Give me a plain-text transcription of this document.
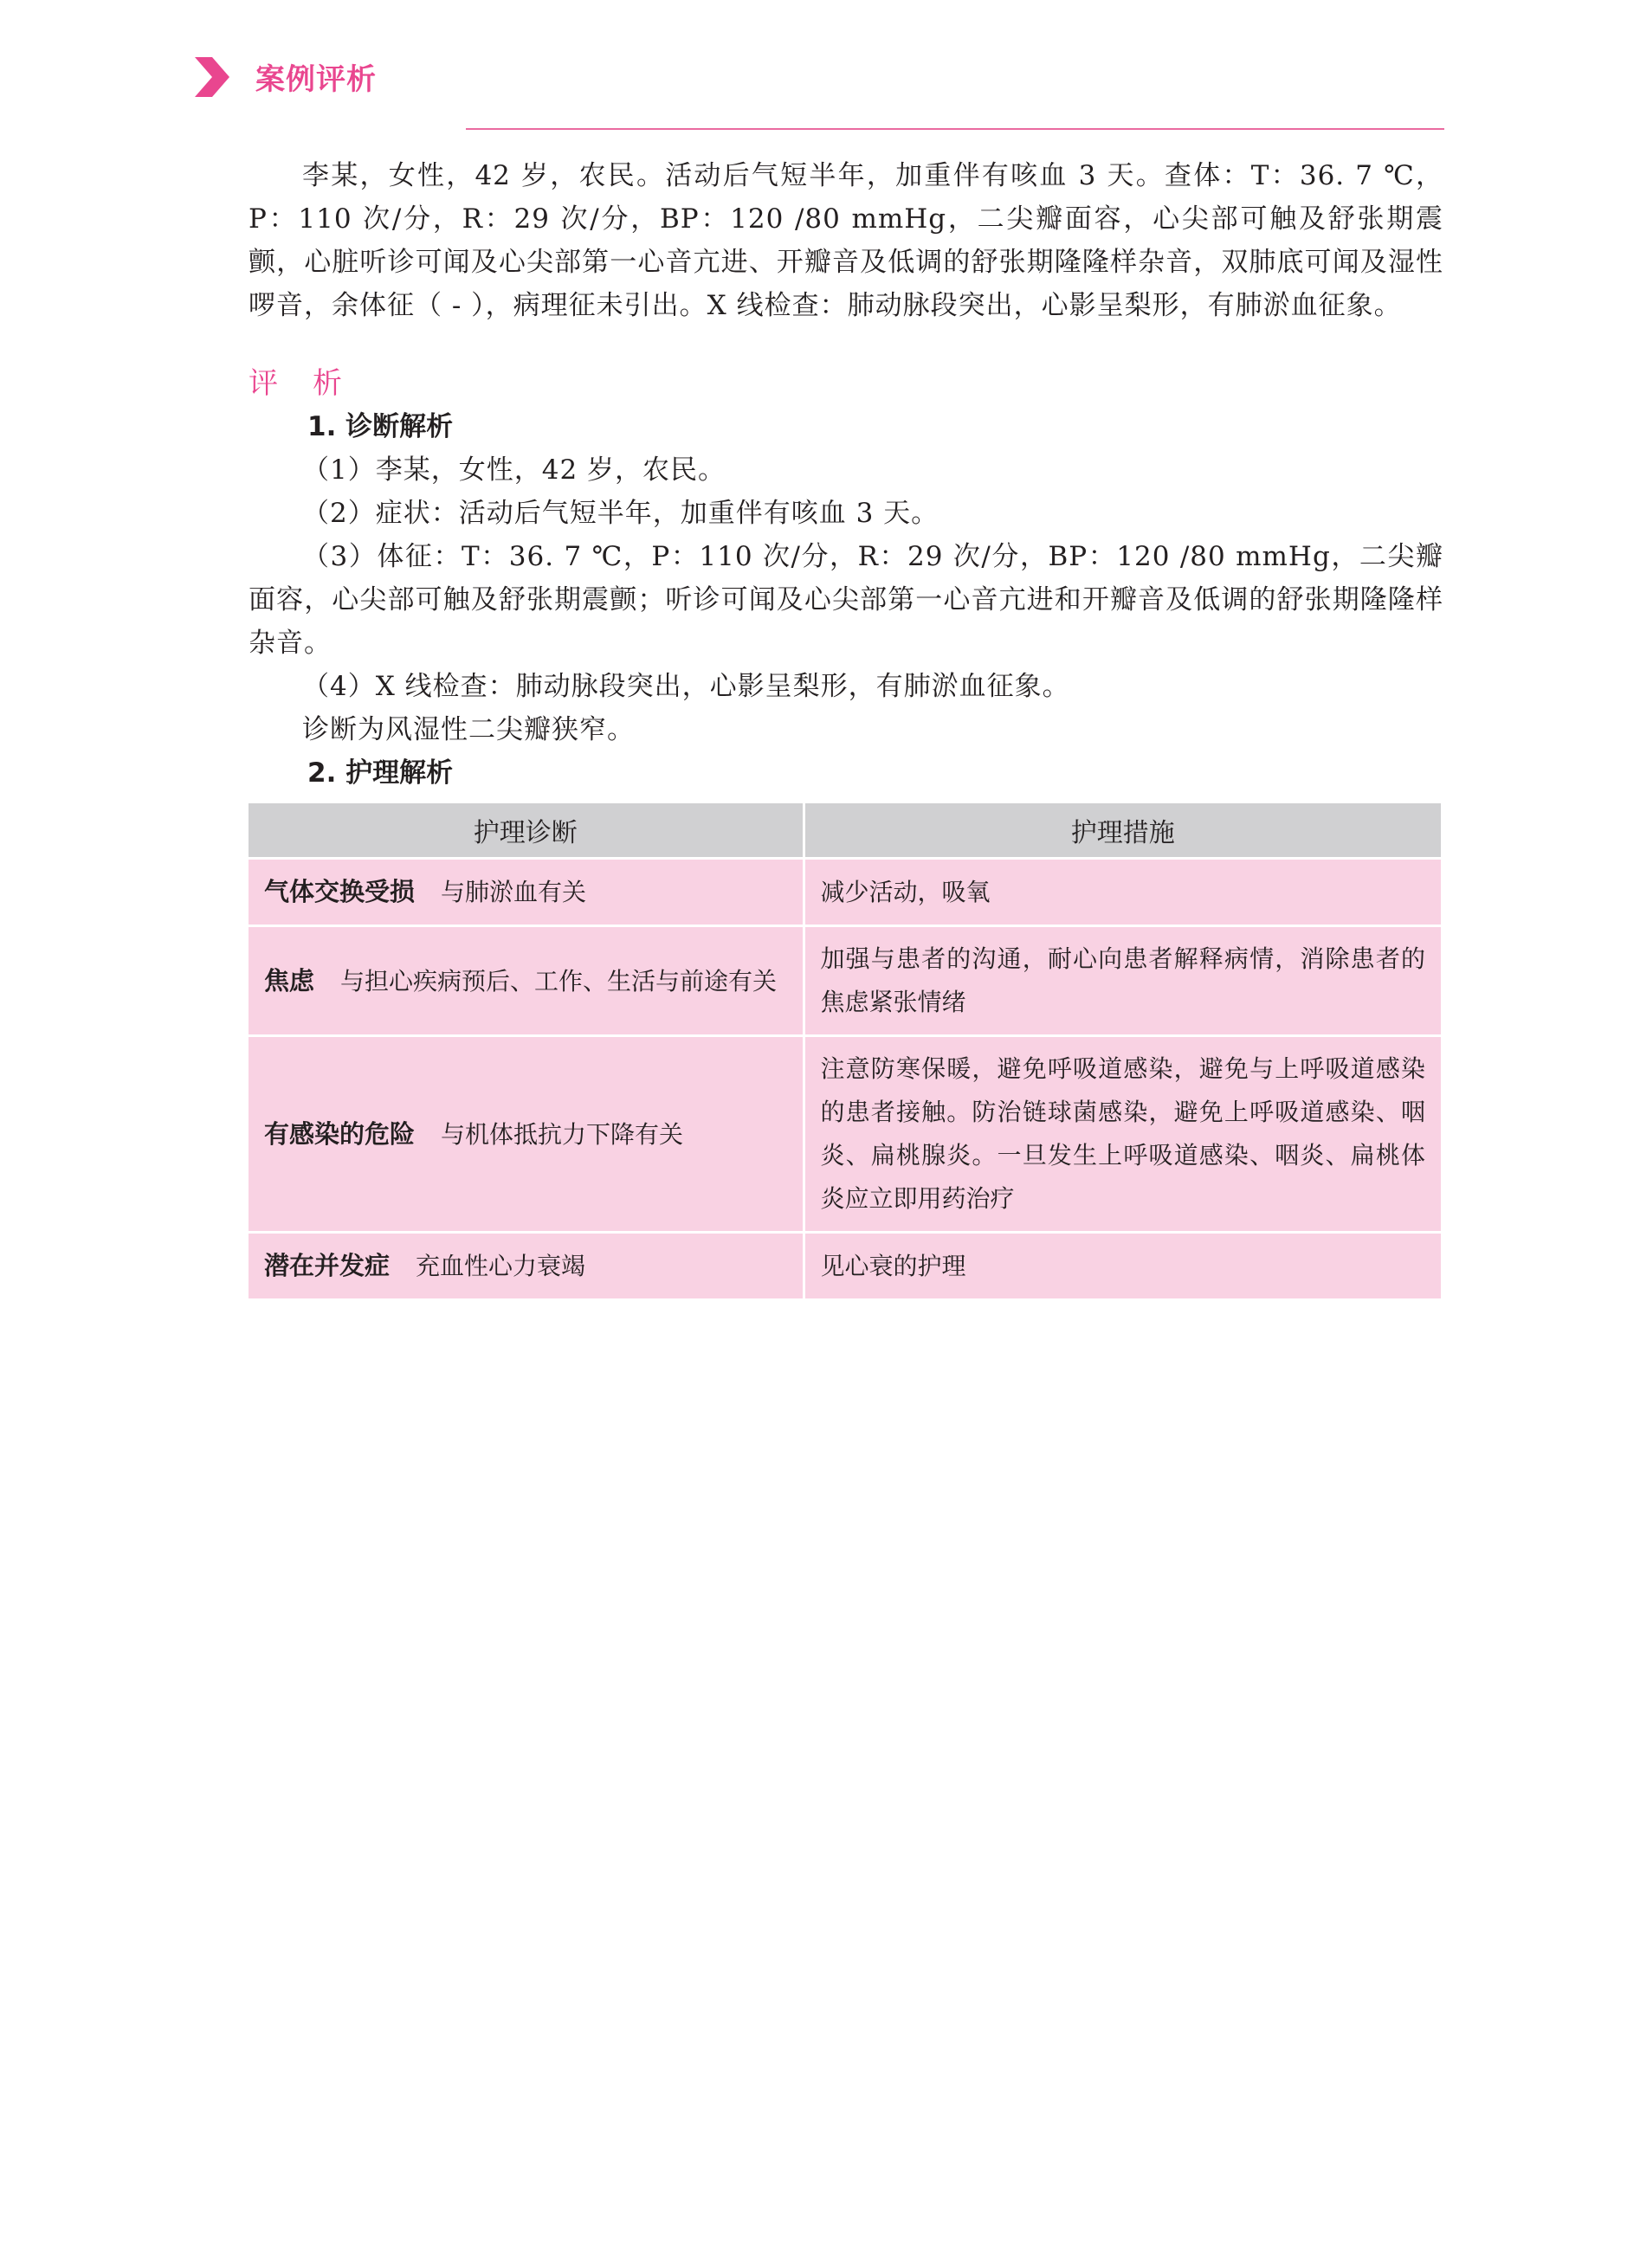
案例评析

李某，女性，42 岁，农民。活动后气短半年，加重伴有咳血 3 天。查体：T：36. 7 ℃，P：110 次/分，R：29 次/分，BP：120 /80 mmHg，二尖瓣面容，心尖部可触及舒张期震颤，心脏听诊可闻及心尖部第一心音亢进、开瓣音及低调的舒张期隆隆样杂音，双肺底可闻及湿性啰音，余体征（ - ），病理征未引出。X 线检查：肺动脉段突出，心影呈梨形，有肺淤血征象。

评析
1. 诊断解析

（1）李某，女性，42 岁，农民。

（2）症状：活动后气短半年，加重伴有咳血 3 天。

（3）体征：T：36. 7 ℃，P：110 次/分，R：29 次/分，BP：120 /80 mmHg，二尖瓣面容，心尖部可触及舒张期震颤；听诊可闻及心尖部第一心音亢进和开瓣音及低调的舒张期隆隆样杂音。

（4）X 线检查：肺动脉段突出，心影呈梨形，有肺淤血征象。

诊断为风湿性二尖瓣狭窄。

2. 护理解析
护理诊断	护理措施
气体交换受损 与肺淤血有关	减少活动，吸氧
焦虑 与担心疾病预后、工作、生活与前途有关	加强与患者的沟通，耐心向患者解释病情，消除患者的焦虑紧张情绪
有感染的危险 与机体抵抗力下降有关	注意防寒保暖，避免呼吸道感染，避免与上呼吸道感染的患者接触。防治链球菌感染，避免上呼吸道感染、咽炎、扁桃腺炎。一旦发生上呼吸道感染、咽炎、扁桃体炎应立即用药治疗
潜在并发症 充血性心力衰竭	见心衰的护理
